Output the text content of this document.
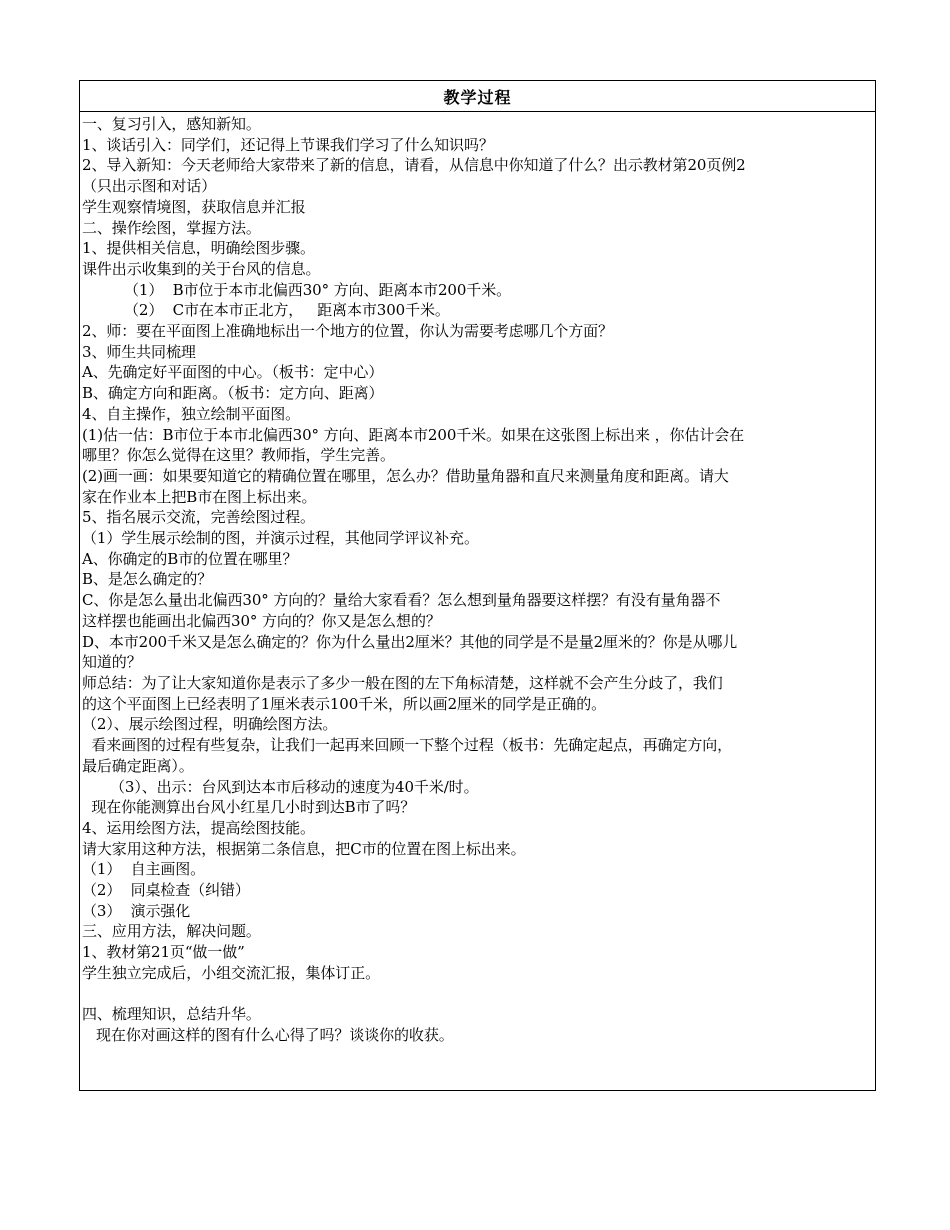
教学过程
一、复习引入，感知新知。
1、谈话引入：同学们，还记得上节课我们学习了什么知识吗？
2、导入新知：今天老师给大家带来了新的信息，请看，从信息中你知道了什么？出示教材第20页例2
（只出示图和对话）
学生观察情境图，获取信息并汇报
二、操作绘图，掌握方法。
1、提供相关信息，明确绘图步骤。
课件出示收集到的关于台风的信息。
（1）  B市位于本市北偏西30° 方向、距离本市200千米。
（2）  C市在本市正北方，   距离本市300千米。
2、师：要在平面图上准确地标出一个地方的位置，你认为需要考虑哪几个方面？
3、师生共同梳理
A、先确定好平面图的中心。（板书：定中心）
B、确定方向和距离。（板书：定方向、距离）
4、自主操作，独立绘制平面图。
(1)估一估：B市位于本市北偏西30° 方向、距离本市200千米。如果在这张图上标出来 ，你估计会在
哪里？你怎么觉得在这里？教师指，学生完善。
(2)画一画：如果要知道它的精确位置在哪里，怎么办？借助量角器和直尺来测量角度和距离。请大
家在作业本上把B市在图上标出来。
5、指名展示交流，完善绘图过程。
（1）学生展示绘制的图，并演示过程，其他同学评议补充。
A、你确定的B市的位置在哪里？
B、是怎么确定的？
C、你是怎么量出北偏西30° 方向的？量给大家看看？怎么想到量角器要这样摆？有没有量角器不
这样摆也能画出北偏西30° 方向的？你又是怎么想的？
D、本市200千米又是怎么确定的？你为什么量出2厘米？其他的同学是不是量2厘米的？你是从哪儿
知道的？
师总结：为了让大家知道你是表示了多少一般在图的左下角标清楚，这样就不会产生分歧了，我们
的这个平面图上已经表明了1厘米表示100千米，所以画2厘米的同学是正确的。
（2）、展示绘图过程，明确绘图方法。
看来画图的过程有些复杂，让我们一起再来回顾一下整个过程（板书：先确定起点，再确定方向，
最后确定距离）。
（3）、出示：台风到达本市后移动的速度为40千米/时。
现在你能测算出台风小红星几小时到达B市了吗？
4、运用绘图方法，提高绘图技能。
请大家用这种方法，根据第二条信息，把C市的位置在图上标出来。
（1）  自主画图。
（2）  同桌检查（纠错）
（3）  演示强化
三、应用方法，解决问题。
1、教材第21页“做一做”
学生独立完成后，小组交流汇报，集体订正。
四、梳理知识，总结升华。
现在你对画这样的图有什么心得了吗？谈谈你的收获。
